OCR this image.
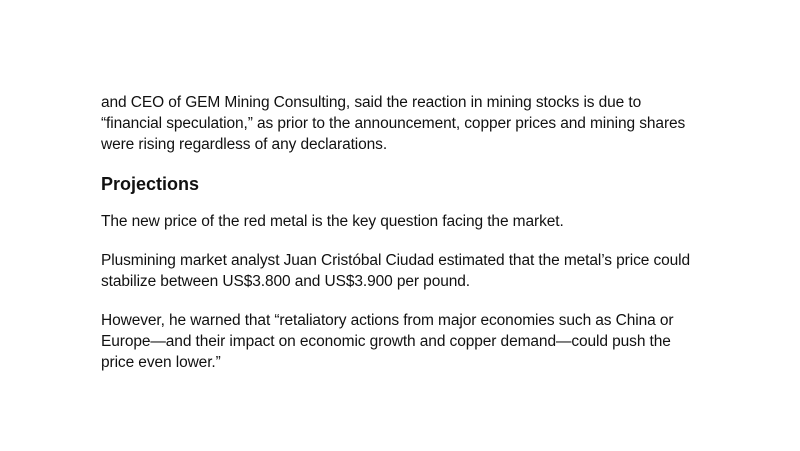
and CEO of GEM Mining Consulting, said the reaction in mining stocks is due to
“financial speculation,” as prior to the announcement, copper prices and mining shares
were rising regardless of any declarations.

Projections

The new price of the red metal is the key question facing the market.

Plusmining market analyst Juan Cristóbal Ciudad estimated that the metal’s price could
stabilize between US$3.800 and US$3.900 per pound.

However, he warned that “retaliatory actions from major economies such as China or
Europe—and their impact on economic growth and copper demand—could push the
price even lower.”
